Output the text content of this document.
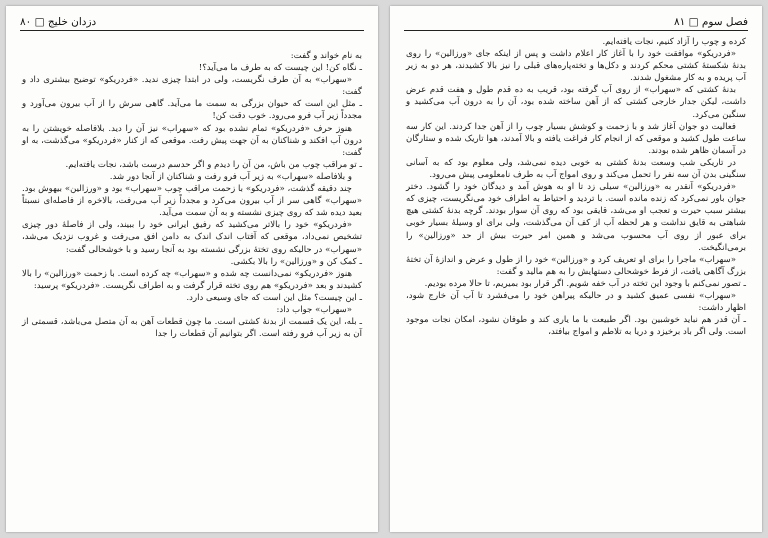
۸۰ □ دزدان خلیج

به نام خواند و گفت:

ـ نگاه کن! این چیست که به طرف ما می‌آید؟!

«سهراب» به آن طرف نگریست، ولی در ابتدا چیزی ندید. «فردریکو» توضیح بیشتری داد و گفت:

ـ مثل این است که حیوان بزرگی به سمت ما می‌آید. گاهی سرش را از آب بیرون می‌آورد و مجدداً زیر آب فرو می‌رود. خوب دقت کن!

هنوز حرف «فردریکو» تمام نشده بود که «سهراب» نیز آن را دید. بلافاصله خویشتن را به درون آب افکند و شناکنان به آن جهت پیش رفت. موقعی که از کنار «فردریکو» می‌گذشت، به او گفت:

ـ تو مراقب چوب من باش، من آن را دیدم و اگر حدسم درست باشد، نجات یافته‌ایم.

و بلافاصله «سهراب» به زیر آب فرو رفت و شناکنان از آنجا دور شد.

چند دقیقه گذشت، «فردریکو» با زحمت مراقب چوب «سهراب» بود و «ورزالین» بیهوش بود. «سهراب» گاهی سر از آب بیرون می‌کرد و مجدداً زیر آب می‌رفت، بالاخره از فاصله‌ای نسبتاً بعید دیده شد که روی چیزی نشسته و به آن سمت می‌آید.

«فردریکو» خود را بالاتر می‌کشید که رفیق ایرانی خود را ببیند، ولی از فاصلهٔ دور چیزی تشخیص نمی‌داد، موقعی که آفتاب اندک اندک به دامن افق می‌رفت و غروب نزدیک می‌شد، «سهراب» در حالیکه روی تختهٔ بزرگی نشسته بود به آنجا رسید و با خوشحالی گفت:

ـ کمک کن و «ورزالین» را بالا بکشی.

هنوز «فردریکو» نمی‌دانست چه شده و «سهراب» چه کرده است. با زحمت «ورزالین» را بالا کشیدند و بعد «فردریکو» هم روی تخته قرار گرفت و به اطراف نگریست. «فردریکو» پرسید:

ـ این چیست؟ مثل این است که جای وسیعی دارد.

«سهراب» جواب داد:

ـ بله، این یک قسمت از بدنهٔ کشتی است. ما چون قطعات آهن به آن متصل می‌باشد، قسمتی از آن به زیر آب فرو رفته است. اگر بتوانیم آن قطعات را جدا

فصل سوم □ ۸۱

کرده و چوب را آزاد کنیم، نجات یافته‌ایم.

«فردریکو» موافقت خود را با آغاز کار اعلام داشت و پس از اینکه جای «ورزالین» را روی بدنهٔ شکستهٔ کشتی محکم کردند و دکل‌ها و تخته‌پاره‌های قبلی را نیز بالا کشیدند، هر دو به زیر آب پریده و به کار مشغول شدند.

بدنهٔ کشتی که «سهراب» از روی آب گرفته بود، قریب به ده قدم طول و هفت قدم عرض داشت، لیکن جدار خارجی کشتی که از آهن ساخته شده بود، آن را به درون آب می‌کشید و سنگین می‌کرد.

فعالیت دو جوان آغاز شد و با زحمت و کوشش بسیار چوب را از آهن جدا کردند. این کار سه ساعت طول کشید و موقعی که از انجام کار فراغت یافته و بالا آمدند، هوا تاریک شده و ستارگان در آسمان ظاهر شده بودند.

در تاریکی شب وسعت بدنهٔ کشتی به خوبی دیده نمی‌شد، ولی معلوم بود که به آسانی سنگینی بدن آن سه نفر را تحمل می‌کند و روی امواج آب به طرف نامعلومی پیش می‌رود.

«فردریکو» آنقدر به «ورزالین» سیلی زد تا او به هوش آمد و دیدگان خود را گشود. دختر جوان باور نمی‌کرد که زنده مانده است. با تردید و احتیاط به اطراف خود می‌نگریست، چیزی که بیشتر سبب حیرت و تعجب او می‌شد، قایقی بود که روی آن سوار بودند. گرچه بدنهٔ کشتی هیچ شباهتی به قایق نداشت و هر لحظه آب از کف آن می‌گذشت، ولی برای او وسیلهٔ بسیار خوبی برای عبور از روی آب محسوب می‌شد و همین امر حیرت بیش از حد «ورزالین» را برمی‌انگیخت.

«سهراب» ماجرا را برای او تعریف کرد و «ورزالین» خود را از طول و عرض و اندازهٔ آن تختهٔ بزرگ آگاهی یافت، از فرط خوشحالی دستهایش را به هم مالید و گفت:

ـ تصور نمی‌کنم با وجود این تخته در آب خفه شویم. اگر قرار بود بمیریم، تا حالا مرده بودیم.

«سهراب» نفسی عمیق کشید و در حالیکه پیراهن خود را می‌فشرد تا آب آن خارج شود، اظهار داشت:

ـ آن قدر هم نباید خوشبین بود. اگر طبیعت با ما یاری کند و طوفان نشود، امکان نجات موجود است. ولی اگر باد برخیزد و دریا به تلاطم و امواج بیافتد،
